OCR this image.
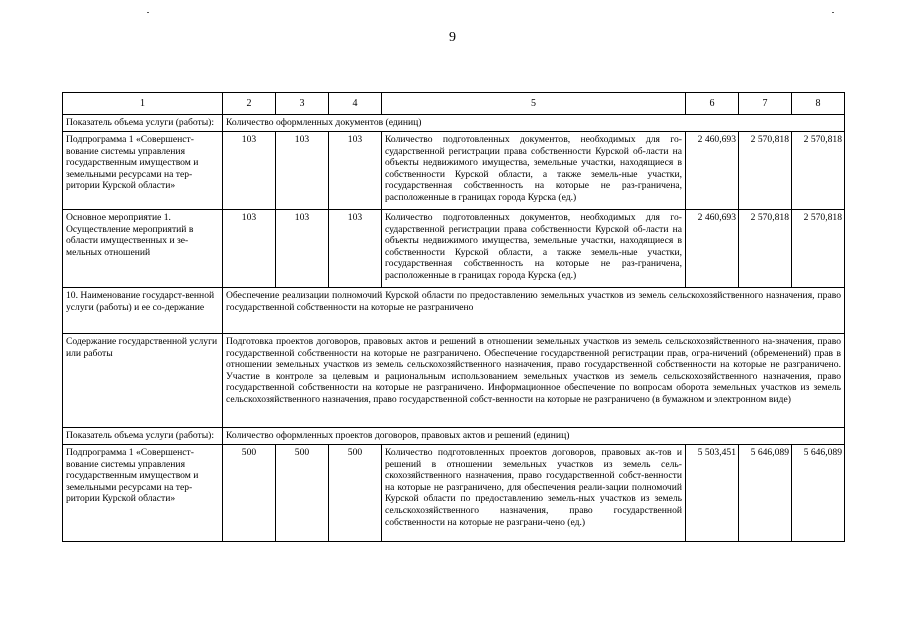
9
1	2	3	4	5	6	7	8
Показатель объема услуги (работы):	Количество оформленных документов (единиц)						
Подпрограмма 1 «Совершенст-вование системы управления государственным имуществом и земельными ресурсами на тер-ритории Курской области»	103	103	103	Количество подготовленных документов, необходимых для го-сударственной регистрации права собственности Курской об-ласти на объекты недвижимого имущества, земельные участки, находящиеся в собственности Курской области, а также земель-ные участки, государственная собственность на которые не раз-граничена, расположенные в границах города Курска (ед.)	2 460,693	2 570,818	2 570,818
Основное мероприятие 1. Осуществление мероприятий в области имущественных и зе-мельных отношений	103	103	103	Количество подготовленных документов, необходимых для го-сударственной регистрации права собственности Курской об-ласти на объекты недвижимого имущества, земельные участки, находящиеся в собственности Курской области, а также земель-ные участки, государственная собственность на которые не раз-граничена, расположенные в границах города Курска (ед.)	2 460,693	2 570,818	2 570,818
10. Наименование государст-венной услуги (работы) и ее со-держание	Обеспечение реализации полномочий Курской области по предоставлению земельных участков из земель сельскохозяйственного назначения, право государственной собственности на которые не разграничено						
Содержание государственной услуги или работы	Подготовка проектов договоров, правовых актов и решений в отношении земельных участков из земель сельскохозяйственного на-значения, право государственной собственности на которые не разграничено. Обеспечение государственной регистрации прав, огра-ничений (обременений) прав в отношении земельных участков из земель сельскохозяйственного назначения, право государственной собственности на которые не разграничено. Участие в контроле за целевым и рациональным использованием земельных участков из земель сельскохозяйственного назначения, право государственной собственности на которые не разграничено. Информационное обеспечение по вопросам оборота земельных участков из земель сельскохозяйственного назначения, право государственной собст-венности на которые не разграничено (в бумажном и электронном виде)						
Показатель объема услуги (работы):	Количество оформленных проектов договоров, правовых актов и решений (единиц)						
Подпрограмма 1 «Совершенст-вование системы управления государственным имуществом и земельными ресурсами на тер-ритории Курской области»	500	500	500	Количество подготовленных проектов договоров, правовых ак-тов и решений в отношении земельных участков из земель сель-скохозяйственного назначения, право государственной собст-венности на которые не разграничено, для обеспечения реали-зации полномочий Курской области по предоставлению земель-ных участков из земель сельскохозяйственного назначения, право государственной собственности на которые не разграни-чено (ед.)	5 503,451	5 646,089	5 646,089
